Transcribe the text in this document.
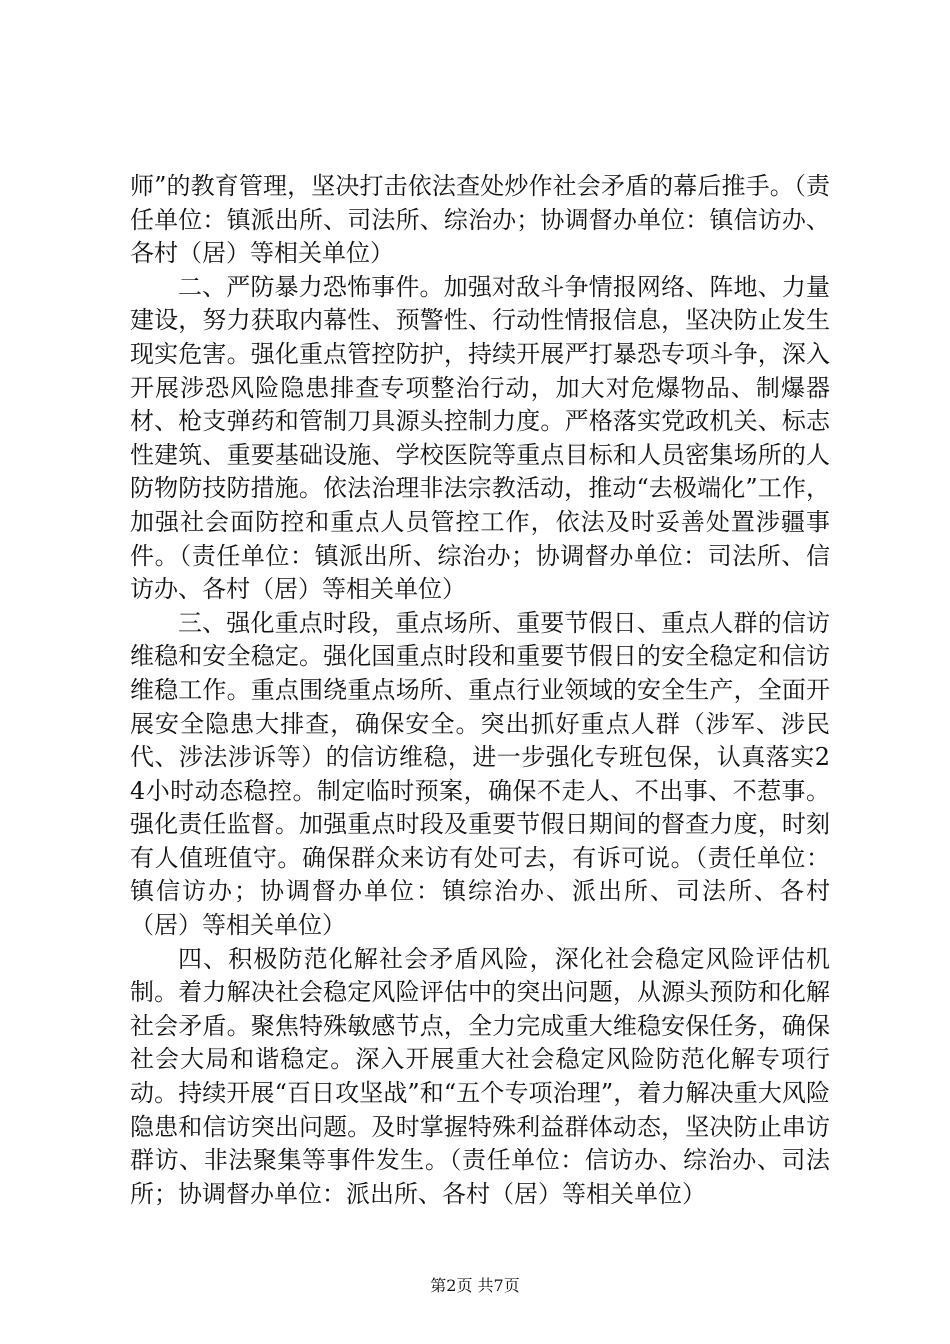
师”的教育管理，坚决打击依法查处炒作社会矛盾的幕后推手。（责任单位：镇派出所、司法所、综治办；协调督办单位：镇信访办、各村（居）等相关单位）

二、严防暴力恐怖事件。加强对敌斗争情报网络、阵地、力量建设，努力获取内幕性、预警性、行动性情报信息，坚决防止发生现实危害。强化重点管控防护，持续开展严打暴恐专项斗争，深入开展涉恐风险隐患排查专项整治行动，加大对危爆物品、制爆器材、枪支弹药和管制刀具源头控制力度。严格落实党政机关、标志性建筑、重要基础设施、学校医院等重点目标和人员密集场所的人防物防技防措施。依法治理非法宗教活动，推动“去极端化”工作，加强社会面防控和重点人员管控工作，依法及时妥善处置涉疆事件。（责任单位：镇派出所、综治办；协调督办单位：司法所、信访办、各村（居）等相关单位）

三、强化重点时段，重点场所、重要节假日、重点人群的信访维稳和安全稳定。强化国重点时段和重要节假日的安全稳定和信访维稳工作。重点围绕重点场所、重点行业领域的安全生产，全面开展安全隐患大排查，确保安全。突出抓好重点人群（涉军、涉民代、涉法涉诉等）的信访维稳，进一步强化专班包保，认真落实24小时动态稳控。制定临时预案，确保不走人、不出事、不惹事。强化责任监督。加强重点时段及重要节假日期间的督查力度，时刻有人值班值守。确保群众来访有处可去，有诉可说。（责任单位：镇信访办；协调督办单位：镇综治办、派出所、司法所、各村（居）等相关单位）

四、积极防范化解社会矛盾风险，深化社会稳定风险评估机制。着力解决社会稳定风险评估中的突出问题，从源头预防和化解社会矛盾。聚焦特殊敏感节点，全力完成重大维稳安保任务，确保社会大局和谐稳定。深入开展重大社会稳定风险防范化解专项行动。持续开展“百日攻坚战”和“五个专项治理”，着力解决重大风险隐患和信访突出问题。及时掌握特殊利益群体动态，坚决防止串访群访、非法聚集等事件发生。（责任单位：信访办、综治办、司法所；协调督办单位：派出所、各村（居）等相关单位）

第2页 共7页
